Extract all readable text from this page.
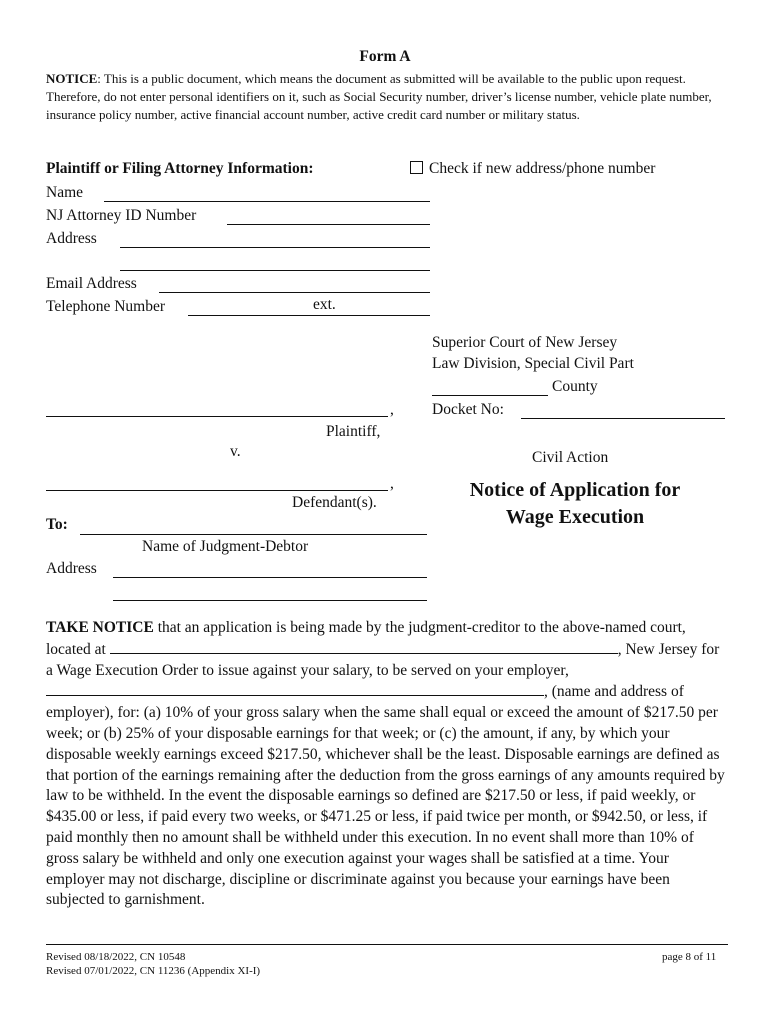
Form A
NOTICE: This is a public document, which means the document as submitted will be available to the public upon request. Therefore, do not enter personal identifiers on it, such as Social Security number, driver’s license number, vehicle plate number, insurance policy number, active financial account number, active credit card number or military status.
Plaintiff or Filing Attorney Information:	Check if new address/phone number
Name
NJ Attorney ID Number
Address
Email Address
Telephone Number	ext.
Superior Court of New Jersey
Law Division, Special Civil Part
County
Docket No:
Civil Action
Notice of Application for
Wage Execution
,
Plaintiff,
v.
,
Defendant(s).
To:
Name of Judgment-Debtor
Address
TAKE NOTICE that an application is being made by the judgment-creditor to the above-named court, located at	, New Jersey for a Wage Execution Order to issue against your salary, to be served on your employer, , (name and address of employer), for: (a) 10% of your gross salary when the same shall equal or exceed the amount of $217.50 per week; or (b) 25% of your disposable earnings for that week; or (c) the amount, if any, by which your disposable weekly earnings exceed $217.50, whichever shall be the least. Disposable earnings are defined as that portion of the earnings remaining after the deduction from the gross earnings of any amounts required by law to be withheld. In the event the disposable earnings so defined are $217.50 or less, if paid weekly, or $435.00 or less, if paid every two weeks, or $471.25 or less, if paid twice per month, or $942.50, or less, if paid monthly then no amount shall be withheld under this execution. In no event shall more than 10% of gross salary be withheld and only one execution against your wages shall be satisfied at a time. Your employer may not discharge, discipline or discriminate against you because your earnings have been subjected to garnishment.
Revised 08/18/2022, CN 10548
Revised 07/01/2022, CN 11236 (Appendix XI-I)
page 8 of 11
